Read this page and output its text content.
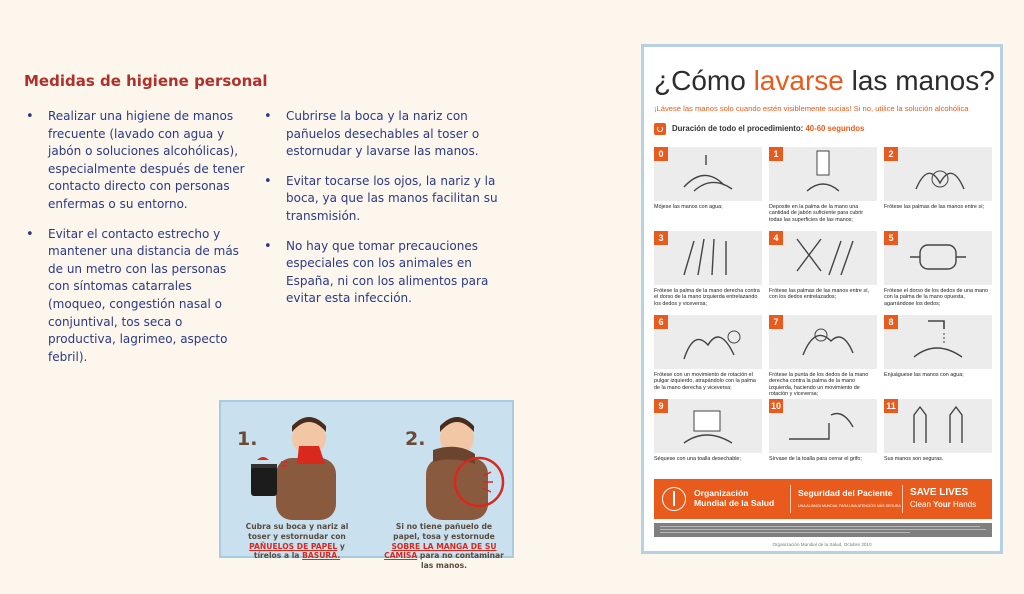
Medidas de higiene personal
• Realizar una higiene de manos frecuente (lavado con agua y jabón o soluciones alcohólicas), especialmente después de tener contacto directo con personas enfermas o su entorno.
• Evitar el contacto estrecho y mantener una distancia de más de un metro con las personas con síntomas catarrales (moqueo, congestión nasal o conjuntival, tos seca o productiva, lagrimeo, aspecto febril).
• Cubrirse la boca y la nariz con pañuelos desechables al toser o estornudar y lavarse las manos.
• Evitar tocarse los ojos, la nariz y la boca, ya que las manos facilitan su transmisión.
• No hay que tomar precauciones especiales con los animales en España, ni con los alimentos para evitar esta infección.
1.	2.
Cubra su boca y nariz al toser y estornudar con PAÑUELOS DE PAPEL y tírelos a la BASURA.
Si no tiene pañuelo de papel, tosa y estornude SOBRE LA MANGA DE SU CAMISA para no contaminar las manos.
¿Cómo lavarse las manos?
¡Lávese las manos solo cuando estén visiblemente sucias! Si no, utilice la solución alcohólica
Duración de todo el procedimiento: 40-60 segundos
0
Mójese las manos con agua;
1
Deposite en la palma de la mano una cantidad de jabón suficiente para cubrir todas las superficies de las manos;
2
Frótese las palmas de las manos entre sí;
3
Frótese la palma de la mano derecha contra el dorso de la mano izquierda entrelazando los dedos y viceversa;
4
Frótese las palmas de las manos entre sí, con los dedos entrelazados;
5
Frótese el dorso de los dedos de una mano con la palma de la mano opuesta, agarrándose los dedos;
6
Frótese con un movimiento de rotación el pulgar izquierdo, atrapándolo con la palma de la mano derecha y viceversa;
7
Frótese la punta de los dedos de la mano derecha contra la palma de la mano izquierda, haciendo un movimiento de rotación y viceversa;
8
Enjuáguese las manos con agua;
9
Séquese con una toalla desechable;
10
Sírvase de la toalla para cerrar el grifo;
11
Sus manos son seguras.
Organización
Mundial de la Salud
Seguridad del Paciente
UNA ALIANZA MUNDIAL PARA UNA ATENCIÓN MÁS SEGURA
SAVE LIVES
Clean Your Hands
Organización Mundial de la Salud, Octubre 2010
